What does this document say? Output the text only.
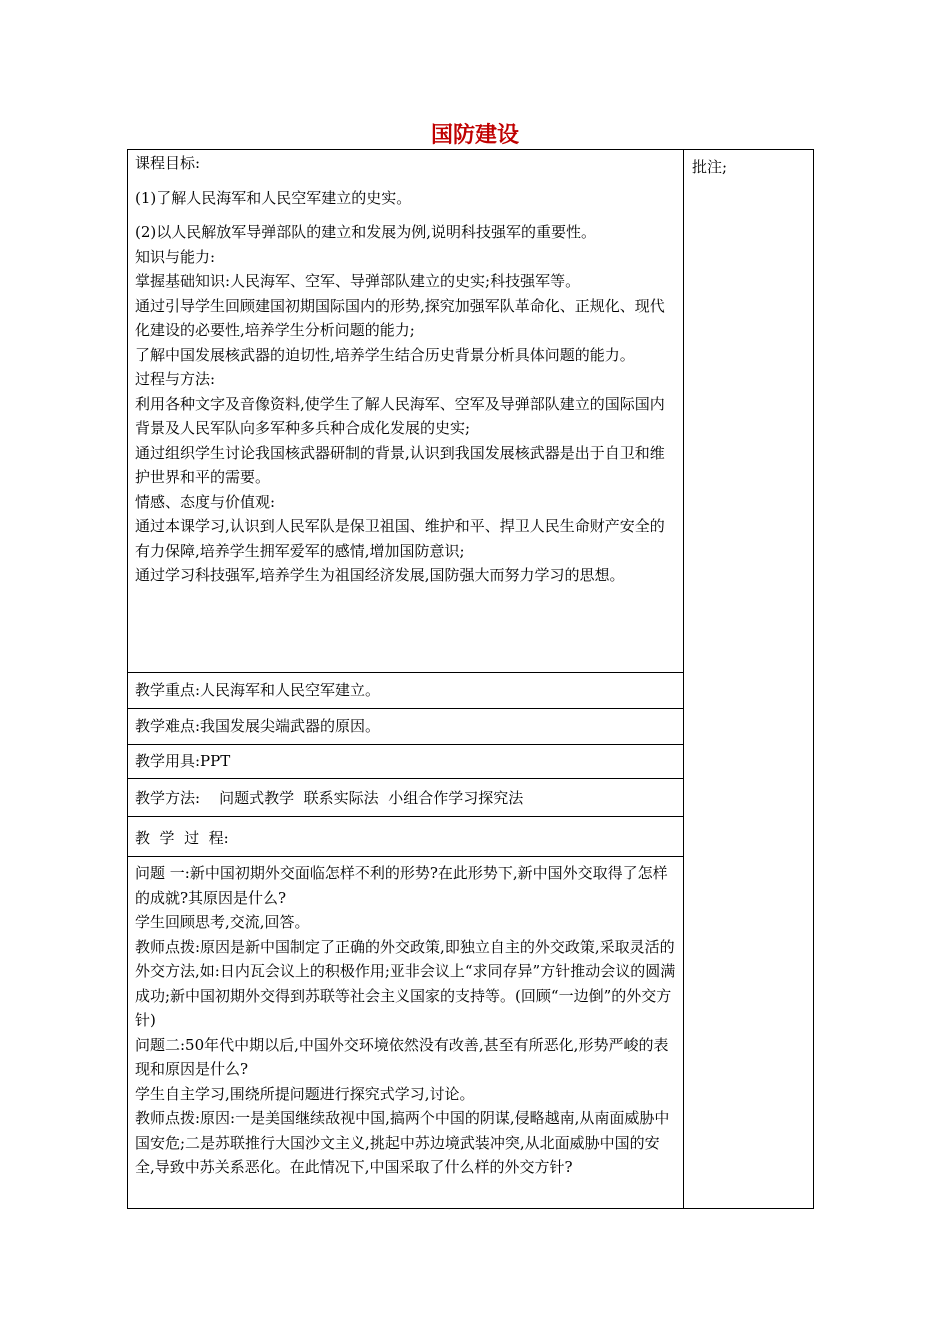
国防建设
批注;

课程目标:

(1)了解人民海军和人民空军建立的史实。

(2)以人民解放军导弹部队的建立和发展为例,说明科技强军的重要性。

知识与能力:

掌握基础知识:人民海军、空军、导弹部队建立的史实;科技强军等。

通过引导学生回顾建国初期国际国内的形势,探究加强军队革命化、正规化、现代化建设的必要性,培养学生分析问题的能力;

了解中国发展核武器的迫切性,培养学生结合历史背景分析具体问题的能力。

过程与方法:

利用各种文字及音像资料,使学生了解人民海军、空军及导弹部队建立的国际国内背景及人民军队向多军种多兵种合成化发展的史实;

通过组织学生讨论我国核武器研制的背景,认识到我国发展核武器是出于自卫和维护世界和平的需要。

情感、态度与价值观:

通过本课学习,认识到人民军队是保卫祖国、维护和平、捍卫人民生命财产安全的有力保障,培养学生拥军爱军的感情,增加国防意识;

通过学习科技强军,培养学生为祖国经济发展,国防强大而努力学习的思想。

教学重点:人民海军和人民空军建立。
教学难点:我国发展尖端武器的原因。
教学用具:PPT
教学方法:    问题式教学  联系实际法  小组合作学习探究法
教  学  过  程:

问题 一:新中国初期外交面临怎样不利的形势?在此形势下,新中国外交取得了怎样的成就?其原因是什么?

学生回顾思考,交流,回答。

教师点拨:原因是新中国制定了正确的外交政策,即独立自主的外交政策,采取灵活的外交方法,如:日内瓦会议上的积极作用;亚非会议上“求同存异”方针推动会议的圆满成功;新中国初期外交得到苏联等社会主义国家的支持等。(回顾“一边倒”的外交方针)

问题二:50年代中期以后,中国外交环境依然没有改善,甚至有所恶化,形势严峻的表现和原因是什么?

学生自主学习,围绕所提问题进行探究式学习,讨论。

教师点拨:原因:一是美国继续敌视中国,搞两个中国的阴谋,侵略越南,从南面威胁中国安危;二是苏联推行大国沙文主义,挑起中苏边境武装冲突,从北面威胁中国的安全,导致中苏关系恶化。在此情况下,中国采取了什么样的外交方针?
